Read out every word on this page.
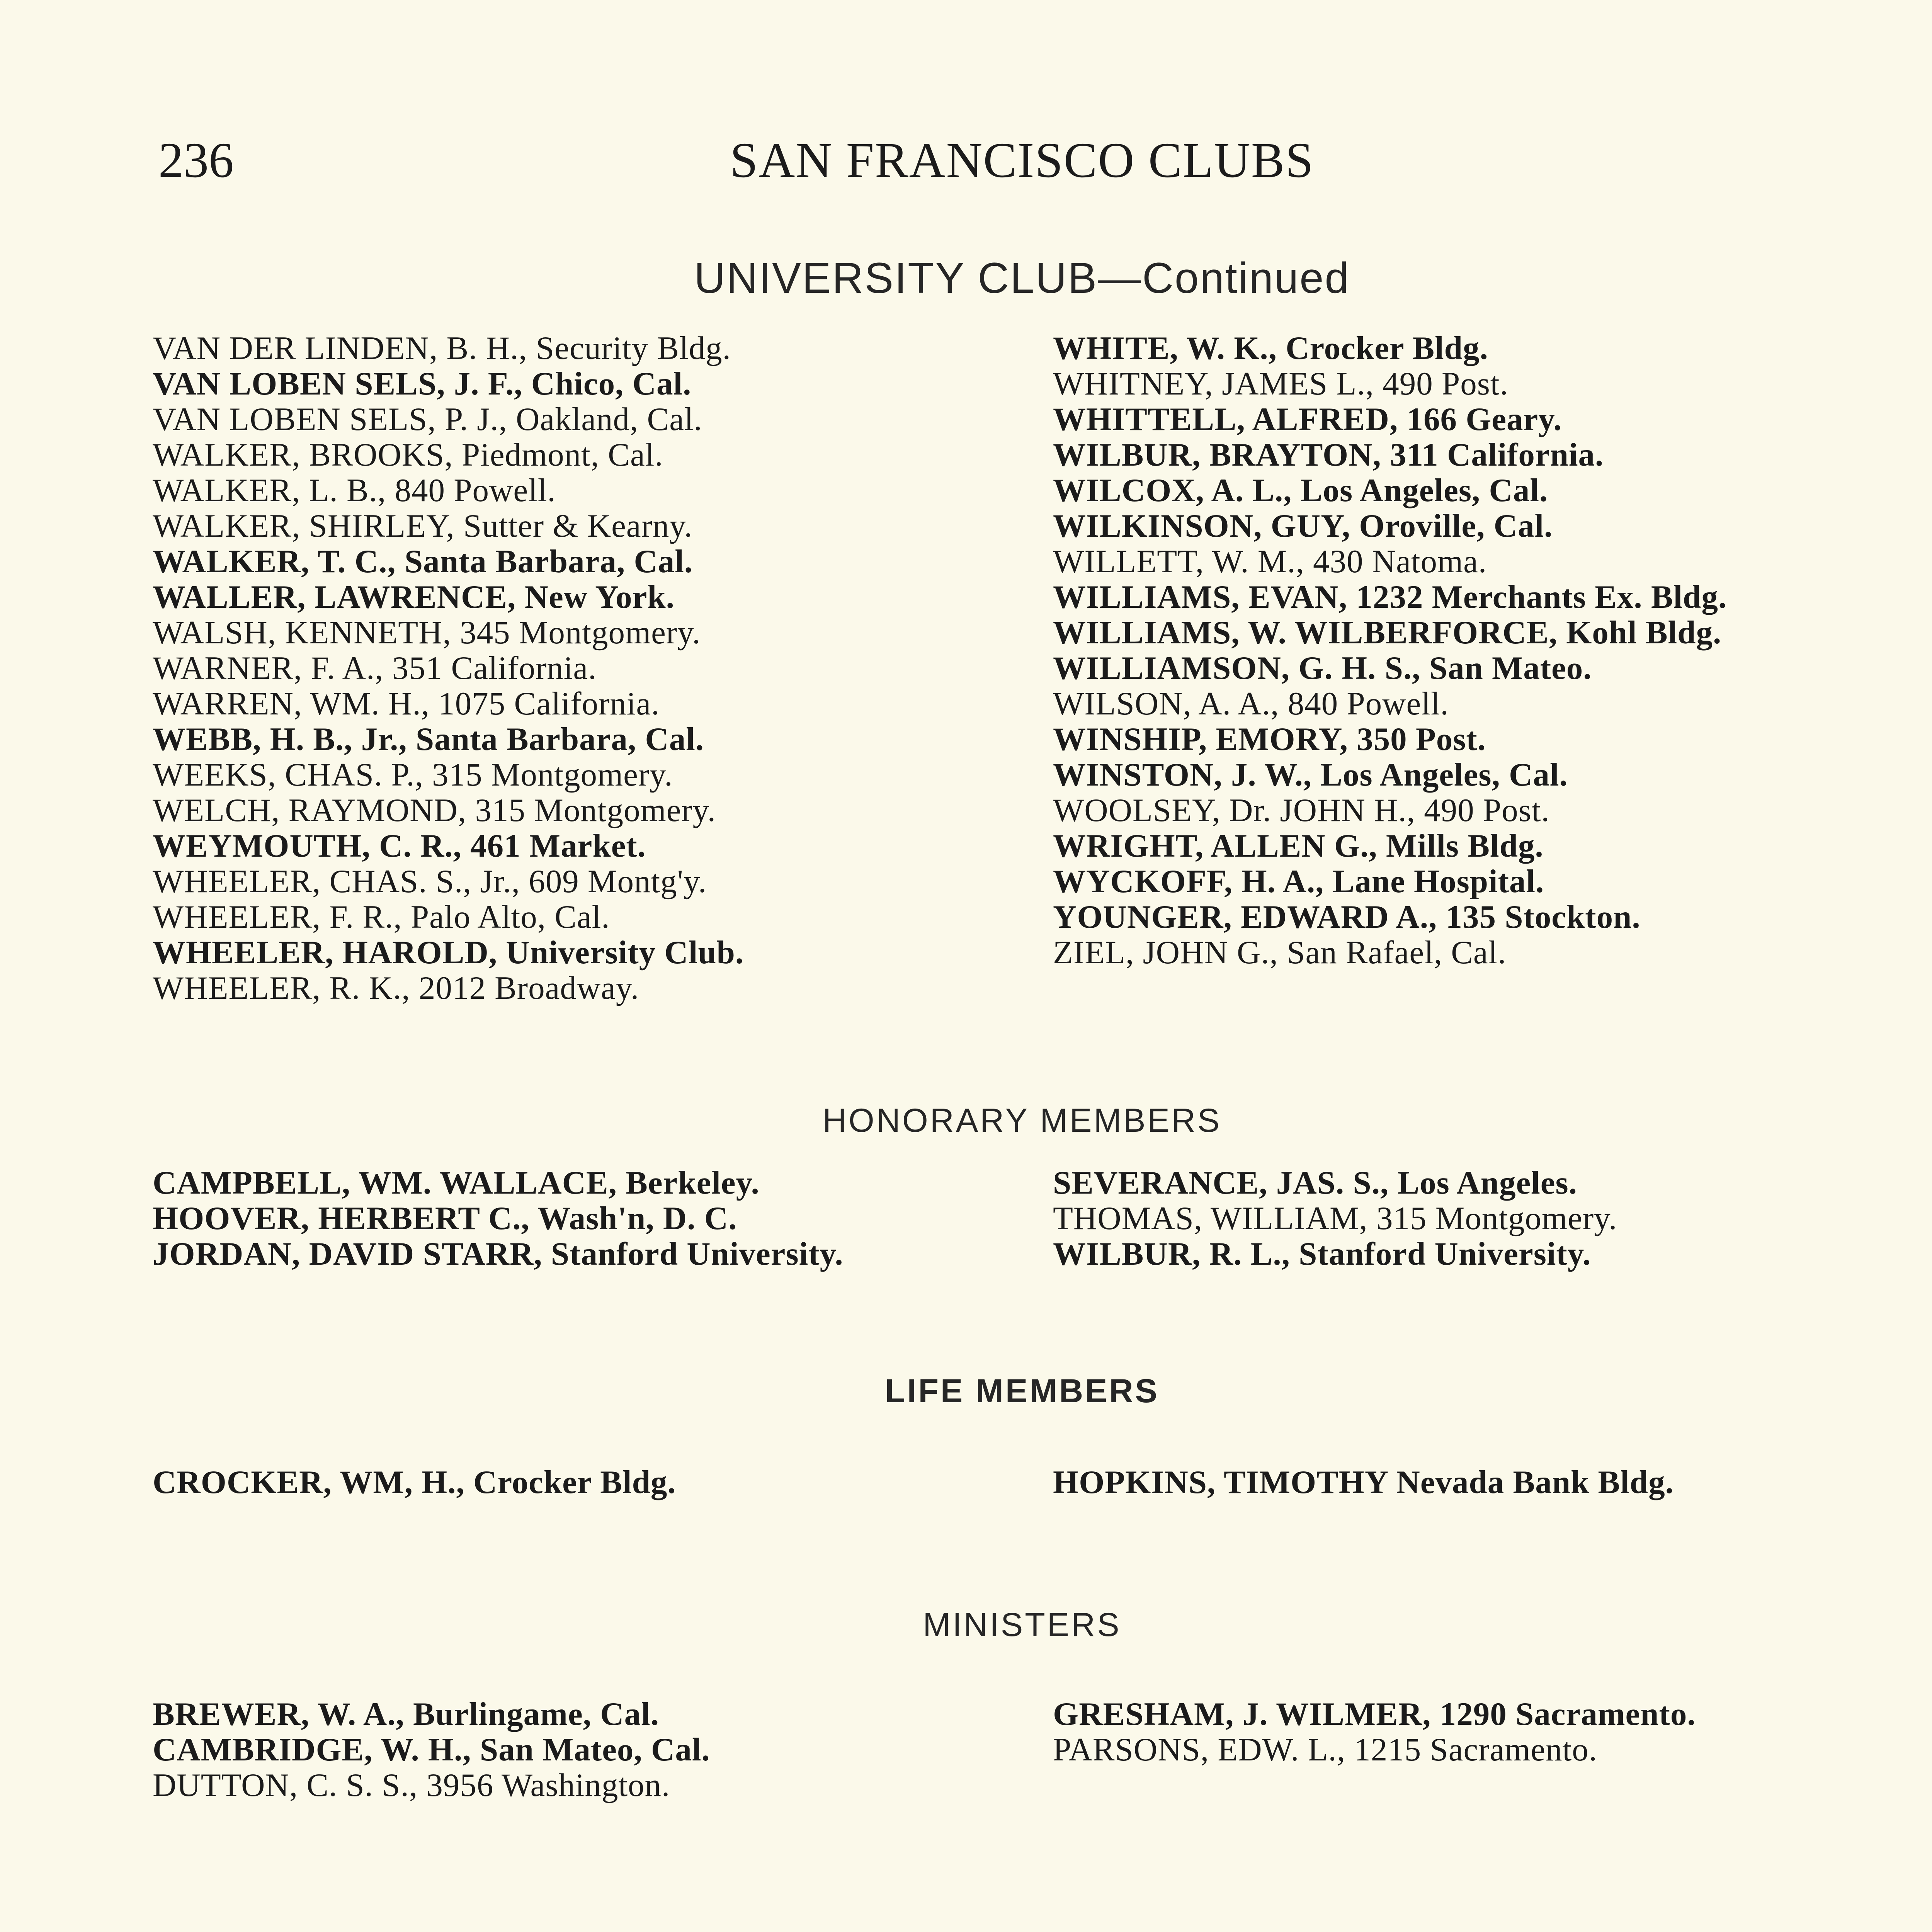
236	SAN FRANCISCO CLUBS
UNIVERSITY CLUB—Continued
VAN DER LINDEN, B. H., Security Bldg.
VAN LOBEN SELS, J. F., Chico, Cal.
VAN LOBEN SELS, P. J., Oakland, Cal.
WALKER, BROOKS, Piedmont, Cal.
WALKER, L. B., 840 Powell.
WALKER, SHIRLEY, Sutter & Kearny.
WALKER, T. C., Santa Barbara, Cal.
WALLER, LAWRENCE, New York.
WALSH, KENNETH, 345 Montgomery.
WARNER, F. A., 351 California.
WARREN, WM. H., 1075 California.
WEBB, H. B., Jr., Santa Barbara, Cal.
WEEKS, CHAS. P., 315 Montgomery.
WELCH, RAYMOND, 315 Montgomery.
WEYMOUTH, C. R., 461 Market.
WHEELER, CHAS. S., Jr., 609 Montg'y.
WHEELER, F. R., Palo Alto, Cal.
WHEELER, HAROLD, University Club.
WHEELER, R. K., 2012 Broadway.
WHITE, W. K., Crocker Bldg.
WHITNEY, JAMES L., 490 Post.
WHITTELL, ALFRED, 166 Geary.
WILBUR, BRAYTON, 311 California.
WILCOX, A. L., Los Angeles, Cal.
WILKINSON, GUY, Oroville, Cal.
WILLETT, W. M., 430 Natoma.
WILLIAMS, EVAN, 1232 Merchants Ex. Bldg.
WILLIAMS, W. WILBERFORCE, Kohl Bldg.
WILLIAMSON, G. H. S., San Mateo.
WILSON, A. A., 840 Powell.
WINSHIP, EMORY, 350 Post.
WINSTON, J. W., Los Angeles, Cal.
WOOLSEY, Dr. JOHN H., 490 Post.
WRIGHT, ALLEN G., Mills Bldg.
WYCKOFF, H. A., Lane Hospital.
YOUNGER, EDWARD A., 135 Stockton.
ZIEL, JOHN G., San Rafael, Cal.
HONORARY MEMBERS
CAMPBELL, WM. WALLACE, Berkeley.
HOOVER, HERBERT C., Wash'n, D. C.
JORDAN, DAVID STARR, Stanford University.
SEVERANCE, JAS. S., Los Angeles.
THOMAS, WILLIAM, 315 Montgomery.
WILBUR, R. L., Stanford University.
LIFE MEMBERS
CROCKER, WM, H., Crocker Bldg.	HOPKINS, TIMOTHY Nevada Bank Bldg.
MINISTERS
BREWER, W. A., Burlingame, Cal.
CAMBRIDGE, W. H., San Mateo, Cal.
DUTTON, C. S. S., 3956 Washington.
GRESHAM, J. WILMER, 1290 Sacramento.
PARSONS, EDW. L., 1215 Sacramento.
